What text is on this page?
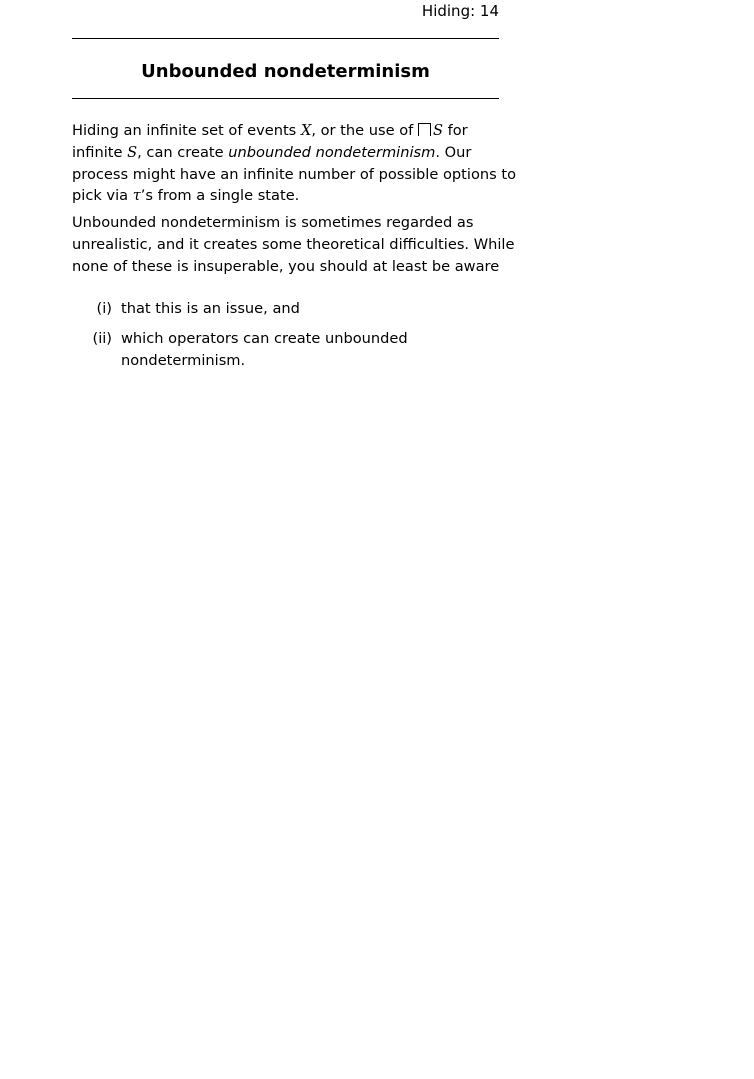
Hiding: 14
Unbounded nondeterminism
Hiding an infinite set of events X, or the use of S for
infinite S, can create unbounded nondeterminism. Our
process might have an infinite number of possible options to
pick via τ’s from a single state.
Unbounded nondeterminism is sometimes regarded as
unrealistic, and it creates some theoretical difficulties. While
none of these is insuperable, you should at least be aware
(i) that this is an issue, and
(ii) which operators can create unbounded nondeterminism.
